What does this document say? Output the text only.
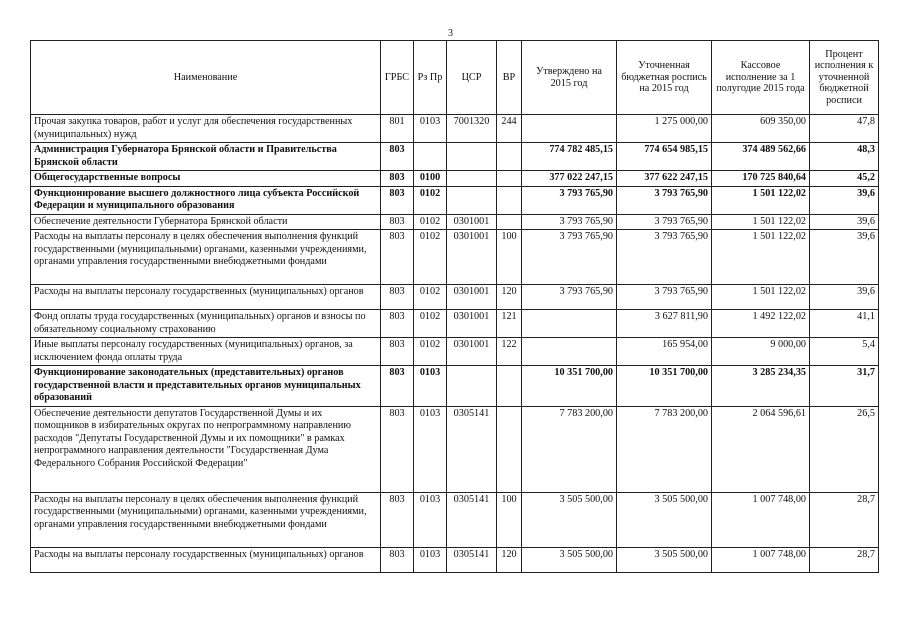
3
Наименование	ГРБС	Рз Пр	ЦСР	ВР	Утверждено на 2015 год	Уточненная бюджетная роспись на 2015 год	Кассовое исполнение за 1 полугодие 2015 года	Процент исполнения к уточненной бюджетной росписи
Прочая закупка товаров, работ и услуг для обеспечения государственных (муниципальных) нужд	801	0103	7001320	244		1 275 000,00	609 350,00	47,8
Администрация Губернатора Брянской области и Правительства Брянской области	803				774 782 485,15	774 654 985,15	374 489 562,66	48,3
Общегосударственные вопросы	803	0100			377 022 247,15	377 622 247,15	170 725 840,64	45,2
Функционирование высшего должностного лица субъекта Российской Федерации и муниципального образования	803	0102			3 793 765,90	3 793 765,90	1 501 122,02	39,6
Обеспечение деятельности Губернатора Брянской области	803	0102	0301001		3 793 765,90	3 793 765,90	1 501 122,02	39,6
Расходы на выплаты персоналу в целях обеспечения выполнения функций государственными (муниципальными) органами, казенными учреждениями, органами управления государственными внебюджетными фондами	803	0102	0301001	100	3 793 765,90	3 793 765,90	1 501 122,02	39,6
Расходы на выплаты персоналу государственных (муниципальных) органов	803	0102	0301001	120	3 793 765,90	3 793 765,90	1 501 122,02	39,6
Фонд оплаты труда государственных (муниципальных) органов и взносы по обязательному социальному страхованию	803	0102	0301001	121		3 627 811,90	1 492 122,02	41,1
Иные выплаты персоналу государственных (муниципальных) органов, за исключением фонда оплаты труда	803	0102	0301001	122		165 954,00	9 000,00	5,4
Функционирование законодательных (представительных) органов государственной власти и представительных органов муниципальных образований	803	0103			10 351 700,00	10 351 700,00	3 285 234,35	31,7
Обеспечение деятельности депутатов Государственной Думы и их помощников в избирательных округах по непрограммному направлению расходов "Депутаты Государственной Думы и их помощники" в рамках непрограммного направления деятельности "Государственная Дума Федерального Собрания Российской Федерации"	803	0103	0305141		7 783 200,00	7 783 200,00	2 064 596,61	26,5
Расходы на выплаты персоналу в целях обеспечения выполнения функций государственными (муниципальными) органами, казенными учреждениями, органами управления государственными внебюджетными фондами	803	0103	0305141	100	3 505 500,00	3 505 500,00	1 007 748,00	28,7
Расходы на выплаты персоналу государственных (муниципальных) органов	803	0103	0305141	120	3 505 500,00	3 505 500,00	1 007 748,00	28,7
